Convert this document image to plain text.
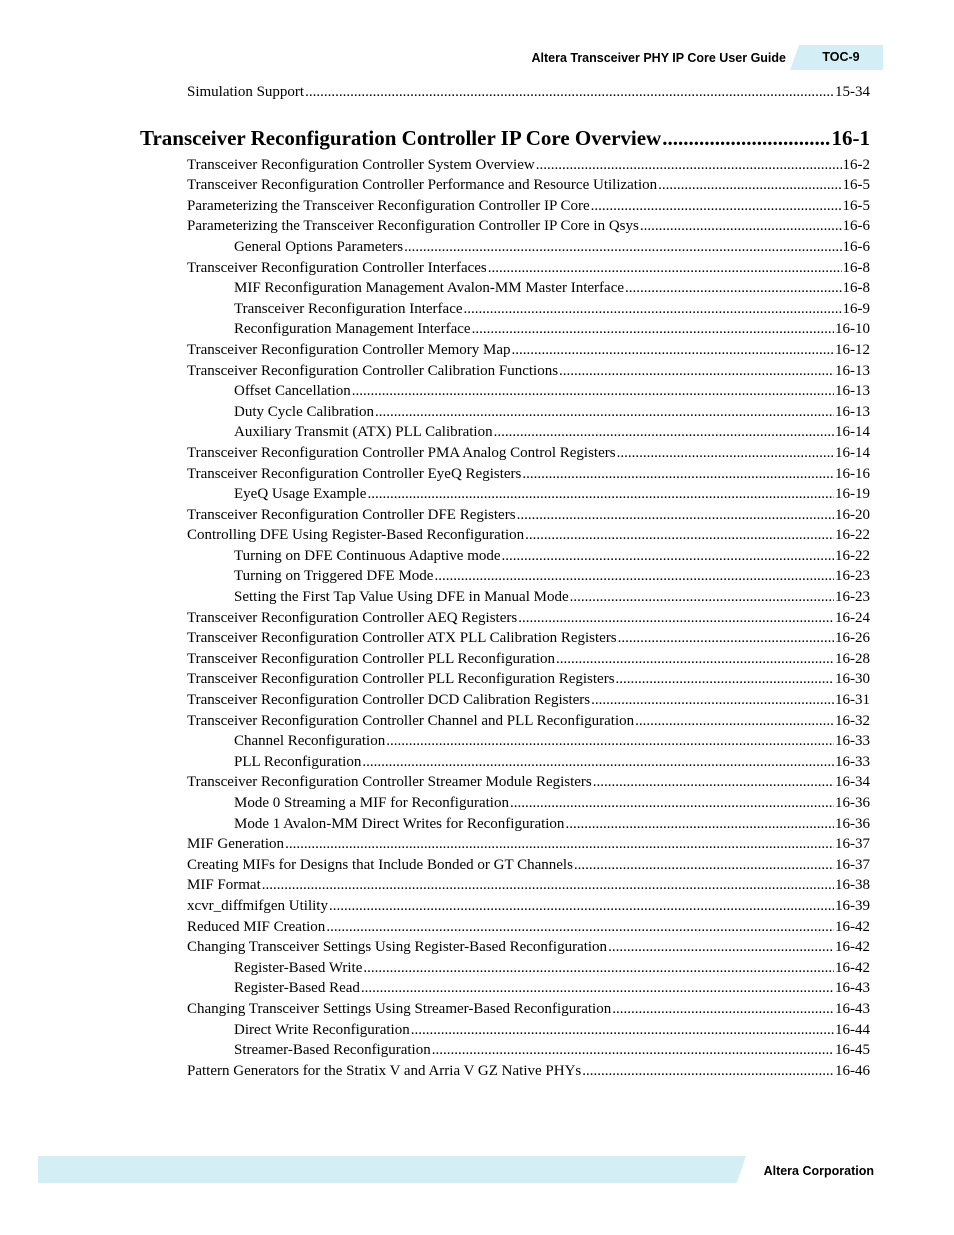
Altera Transceiver PHY IP Core User Guide	TOC-9
Simulation Support .....	15-34
Transceiver Reconfiguration Controller IP Core Overview .....	16-1
Transceiver Reconfiguration Controller System Overview .....	16-2
Transceiver Reconfiguration Controller Performance and Resource Utilization .....	16-5
Parameterizing the Transceiver Reconfiguration Controller IP Core .....	16-5
Parameterizing the Transceiver Reconfiguration Controller IP Core in Qsys .....	16-6
General Options Parameters .....	16-6
Transceiver Reconfiguration Controller Interfaces .....	16-8
MIF Reconfiguration Management Avalon-MM Master Interface .....	16-8
Transceiver Reconfiguration Interface .....	16-9
Reconfiguration Management Interface .....	16-10
Transceiver Reconfiguration Controller Memory Map .....	16-12
Transceiver Reconfiguration Controller Calibration Functions .....	16-13
Offset Cancellation .....	16-13
Duty Cycle Calibration .....	16-13
Auxiliary Transmit (ATX) PLL Calibration .....	16-14
Transceiver Reconfiguration Controller PMA Analog Control Registers .....	16-14
Transceiver Reconfiguration Controller EyeQ Registers .....	16-16
EyeQ Usage Example .....	16-19
Transceiver Reconfiguration Controller DFE Registers .....	16-20
Controlling DFE Using Register-Based Reconfiguration .....	16-22
Turning on DFE Continuous Adaptive mode .....	16-22
Turning on Triggered DFE Mode .....	16-23
Setting the First Tap Value Using DFE in Manual Mode .....	16-23
Transceiver Reconfiguration Controller AEQ Registers .....	16-24
Transceiver Reconfiguration Controller ATX PLL Calibration Registers .....	16-26
Transceiver Reconfiguration Controller PLL Reconfiguration .....	16-28
Transceiver Reconfiguration Controller PLL Reconfiguration Registers .....	16-30
Transceiver Reconfiguration Controller DCD Calibration Registers .....	16-31
Transceiver Reconfiguration Controller Channel and PLL Reconfiguration .....	16-32
Channel Reconfiguration .....	16-33
PLL Reconfiguration .....	16-33
Transceiver Reconfiguration Controller Streamer Module Registers .....	16-34
Mode 0 Streaming a MIF for Reconfiguration .....	16-36
Mode 1 Avalon-MM Direct Writes for Reconfiguration .....	16-36
MIF Generation .....	16-37
Creating MIFs for Designs that Include Bonded or GT Channels .....	16-37
MIF Format .....	16-38
xcvr_diffmifgen Utility .....	16-39
Reduced MIF Creation .....	16-42
Changing Transceiver Settings Using Register-Based Reconfiguration .....	16-42
Register-Based Write .....	16-42
Register-Based Read .....	16-43
Changing Transceiver Settings Using Streamer-Based Reconfiguration .....	16-43
Direct Write Reconfiguration .....	16-44
Streamer-Based Reconfiguration .....	16-45
Pattern Generators for the Stratix V and Arria V GZ Native PHYs .....	16-46
Altera Corporation
